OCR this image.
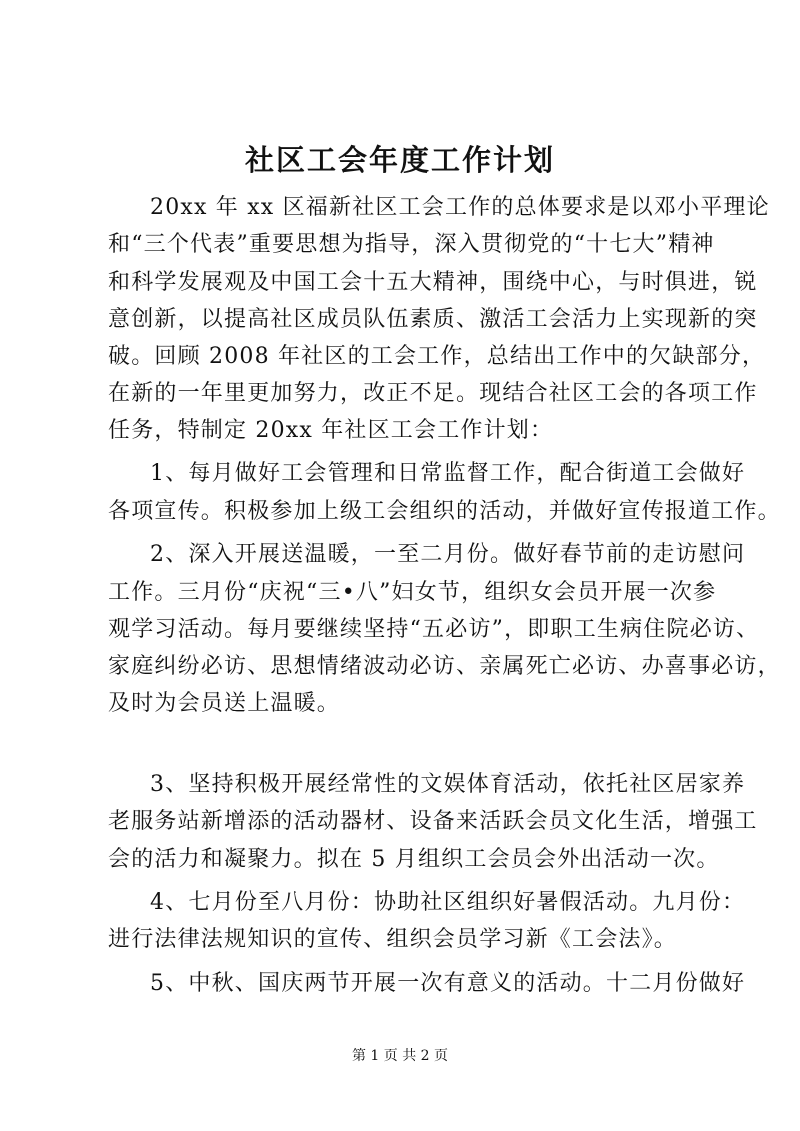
社区工会年度工作计划
20xx 年 xx 区福新社区工会工作的总体要求是以邓小平理论
和“三个代表”重要思想为指导，深入贯彻党的“十七大”精神
和科学发展观及中国工会十五大精神，围绕中心，与时俱进，锐
意创新，以提高社区成员队伍素质、激活工会活力上实现新的突
破。回顾 2008 年社区的工会工作，总结出工作中的欠缺部分，
在新的一年里更加努力，改正不足。现结合社区工会的各项工作
任务，特制定 20xx 年社区工会工作计划：
1、每月做好工会管理和日常监督工作，配合街道工会做好
各项宣传。积极参加上级工会组织的活动，并做好宣传报道工作。
2、深入开展送温暖，一至二月份。做好春节前的走访慰问
工作。三月份“庆祝“三•八”妇女节，组织女会员开展一次参
观学习活动。每月要继续坚持“五必访”，即职工生病住院必访、
家庭纠纷必访、思想情绪波动必访、亲属死亡必访、办喜事必访，
及时为会员送上温暖。
3、坚持积极开展经常性的文娱体育活动，依托社区居家养
老服务站新增添的活动器材、设备来活跃会员文化生活，增强工
会的活力和凝聚力。拟在 5 月组织工会员会外出活动一次。
4、七月份至八月份：协助社区组织好暑假活动。九月份：
进行法律法规知识的宣传、组织会员学习新《工会法》。
5、中秋、国庆两节开展一次有意义的活动。十二月份做好
第 1 页 共 2 页
